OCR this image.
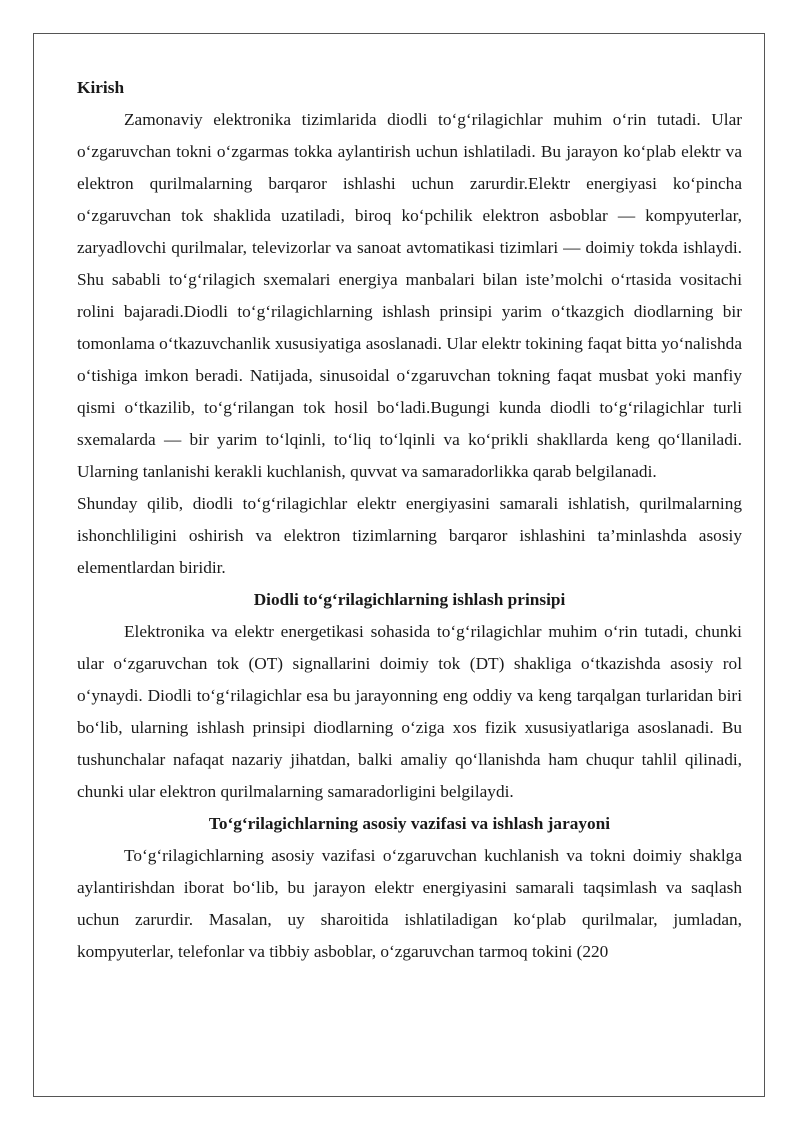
Kirish

Zamonaviy elektronika tizimlarida diodli to‘g‘rilagichlar muhim o‘rin tutadi. Ular o‘zgaruvchan tokni o‘zgarmas tokka aylantirish uchun ishlatiladi. Bu jarayon ko‘plab elektr va elektron qurilmalarning barqaror ishlashi uchun zarurdir.Elektr energiyasi ko‘pincha o‘zgaruvchan tok shaklida uzatiladi, biroq ko‘pchilik elektron asboblar — kompyuterlar, zaryadlovchi qurilmalar, televizorlar va sanoat avtomatikasi tizimlari — doimiy tokda ishlaydi. Shu sababli to‘g‘rilagich sxemalari energiya manbalari bilan iste’molchi o‘rtasida vositachi rolini bajaradi.Diodli to‘g‘rilagichlarning ishlash prinsipi yarim o‘tkazgich diodlarning bir tomonlama o‘tkazuvchanlik xususiyatiga asoslanadi. Ular elektr tokining faqat bitta yo‘nalishda o‘tishiga imkon beradi. Natijada, sinusoidal o‘zgaruvchan tokning faqat musbat yoki manfiy qismi o‘tkazilib, to‘g‘rilangan tok hosil bo‘ladi.Bugungi kunda diodli to‘g‘rilagichlar turli sxemalarda — bir yarim to‘lqinli, to‘liq to‘lqinli va ko‘prikli shakllarda keng qo‘llaniladi. Ularning tanlanishi kerakli kuchlanish, quvvat va samaradorlikka qarab belgilanadi.

Shunday qilib, diodli to‘g‘rilagichlar elektr energiyasini samarali ishlatish, qurilmalarning ishonchliligini oshirish va elektron tizimlarning barqaror ishlashini ta’minlashda asosiy elementlardan biridir.

Diodli to‘g‘rilagichlarning ishlash prinsipi

Elektronika va elektr energetikasi sohasida to‘g‘rilagichlar muhim o‘rin tutadi, chunki ular o‘zgaruvchan tok (OT) signallarini doimiy tok (DT) shakliga o‘tkazishda asosiy rol o‘ynaydi. Diodli to‘g‘rilagichlar esa bu jarayonning eng oddiy va keng tarqalgan turlaridan biri bo‘lib, ularning ishlash prinsipi diodlarning o‘ziga xos fizik xususiyatlariga asoslanadi. Bu tushunchalar nafaqat nazariy jihatdan, balki amaliy qo‘llanishda ham chuqur tahlil qilinadi, chunki ular elektron qurilmalarning samaradorligini belgilaydi.

To‘g‘rilagichlarning asosiy vazifasi va ishlash jarayoni

To‘g‘rilagichlarning asosiy vazifasi o‘zgaruvchan kuchlanish va tokni doimiy shaklga aylantirishdan iborat bo‘lib, bu jarayon elektr energiyasini samarali taqsimlash va saqlash uchun zarurdir. Masalan, uy sharoitida ishlatiladigan ko‘plab qurilmalar, jumladan, kompyuterlar, telefonlar va tibbiy asboblar, o‘zgaruvchan tarmoq tokini (220
